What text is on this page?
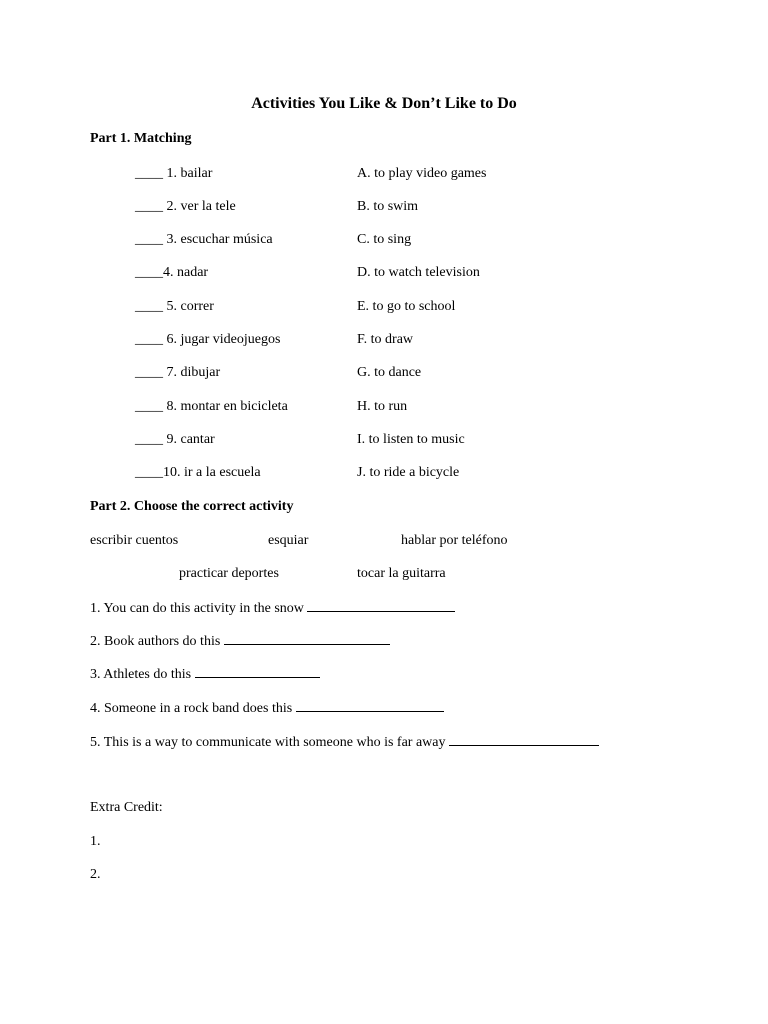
Activities You Like & Don’t Like to Do
Part 1. Matching
____ 1. bailar	A. to play video games
____ 2. ver la tele	B. to swim
____ 3. escuchar música	C. to sing
____4. nadar	D. to watch television
____ 5. correr	E. to go to school
____ 6. jugar videojuegos	F. to draw
____ 7. dibujar	G. to dance
____ 8. montar en bicicleta	H. to run
____ 9. cantar	I. to listen to music
____10. ir a la escuela	J. to ride a bicycle
Part 2. Choose the correct activity
escribir cuentos	esquiar	hablar por teléfono
practicar deportes	tocar la guitarra
1. You can do this activity in the snow
2. Book authors do this
3. Athletes do this
4. Someone in a rock band does this
5. This is a way to communicate with someone who is far away
Extra Credit:
1.
2.
